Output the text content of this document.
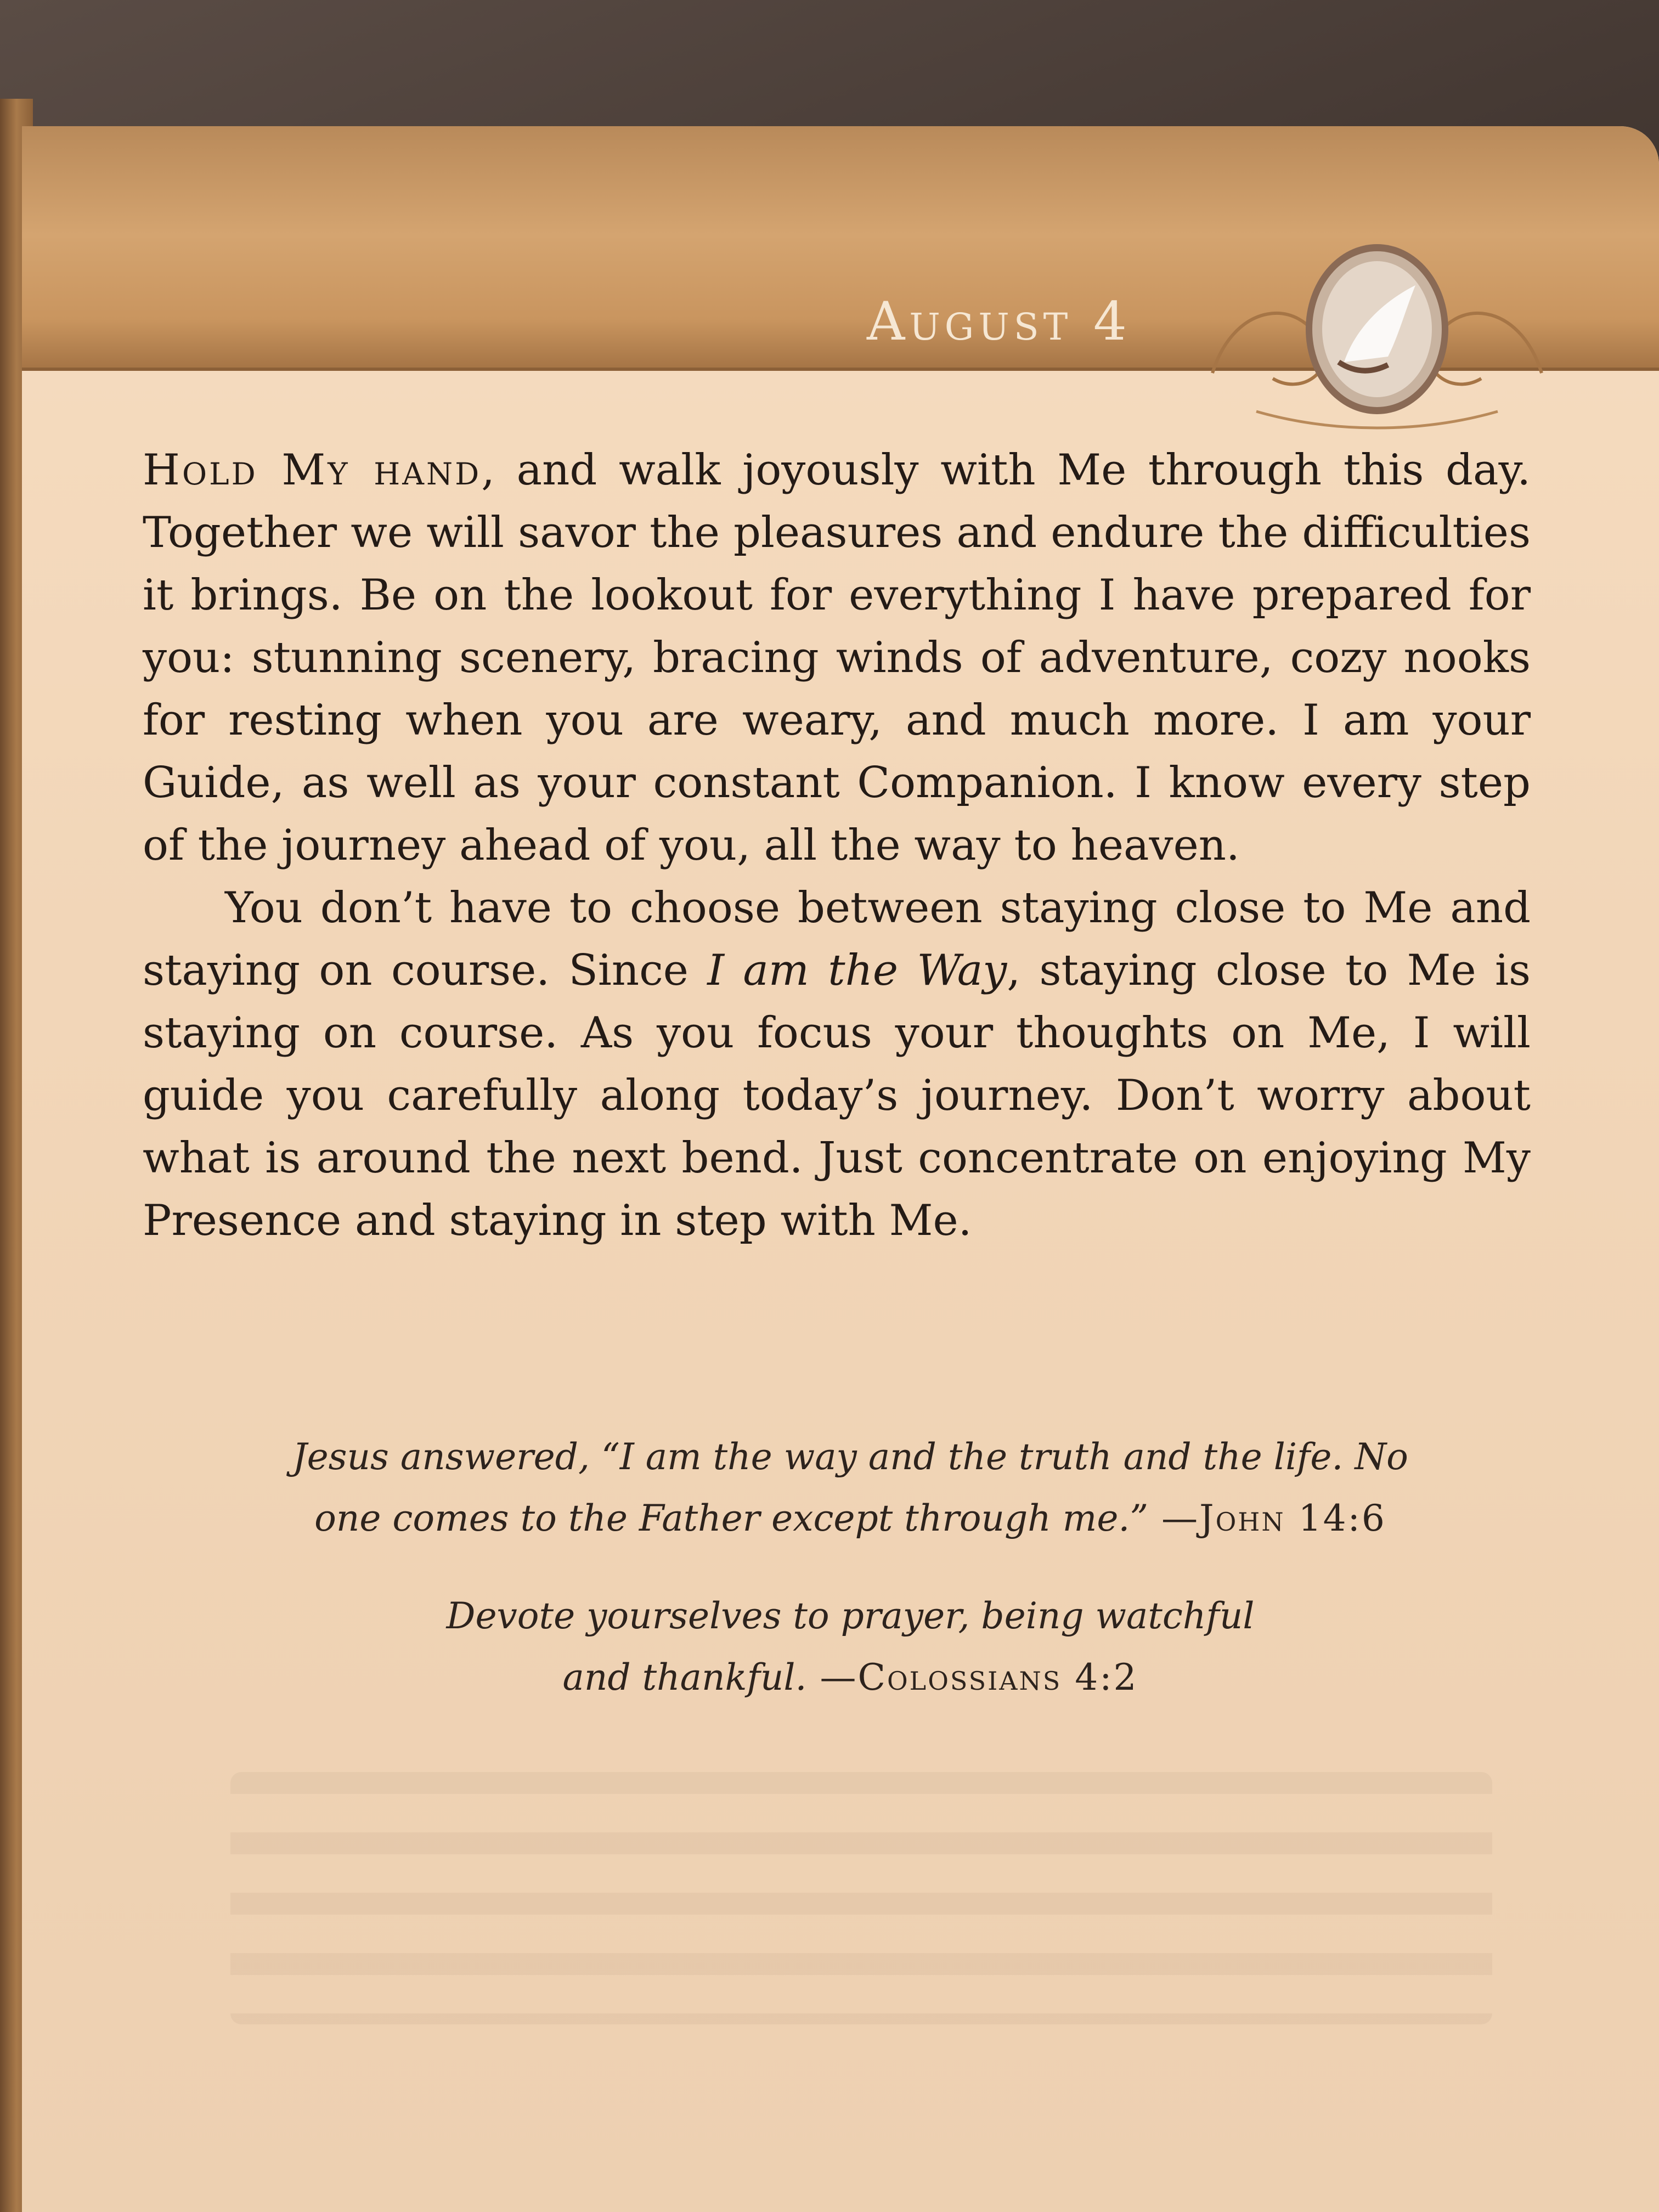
August 4

Hold My hand, and walk joyously with Me through this day. Together we will savor the pleasures and endure the difficulties it brings. Be on the lookout for everything I have prepared for you: stunning scenery, bracing winds of adventure, cozy nooks for resting when you are weary, and much more. I am your Guide, as well as your constant Companion. I know every step of the journey ahead of you, all the way to heaven.

You don’t have to choose between staying close to Me and staying on course. Since I am the Way, staying close to Me is staying on course. As you focus your thoughts on Me, I will guide you carefully along today’s journey. Don’t worry about what is around the next bend. Just concentrate on enjoying My Presence and staying in step with Me.

Jesus answered, “I am the way and the truth and the life. No
one comes to the Father except through me.” —John 14:6
Devote yourselves to prayer, being watchful
and thankful. —Colossians 4:2
